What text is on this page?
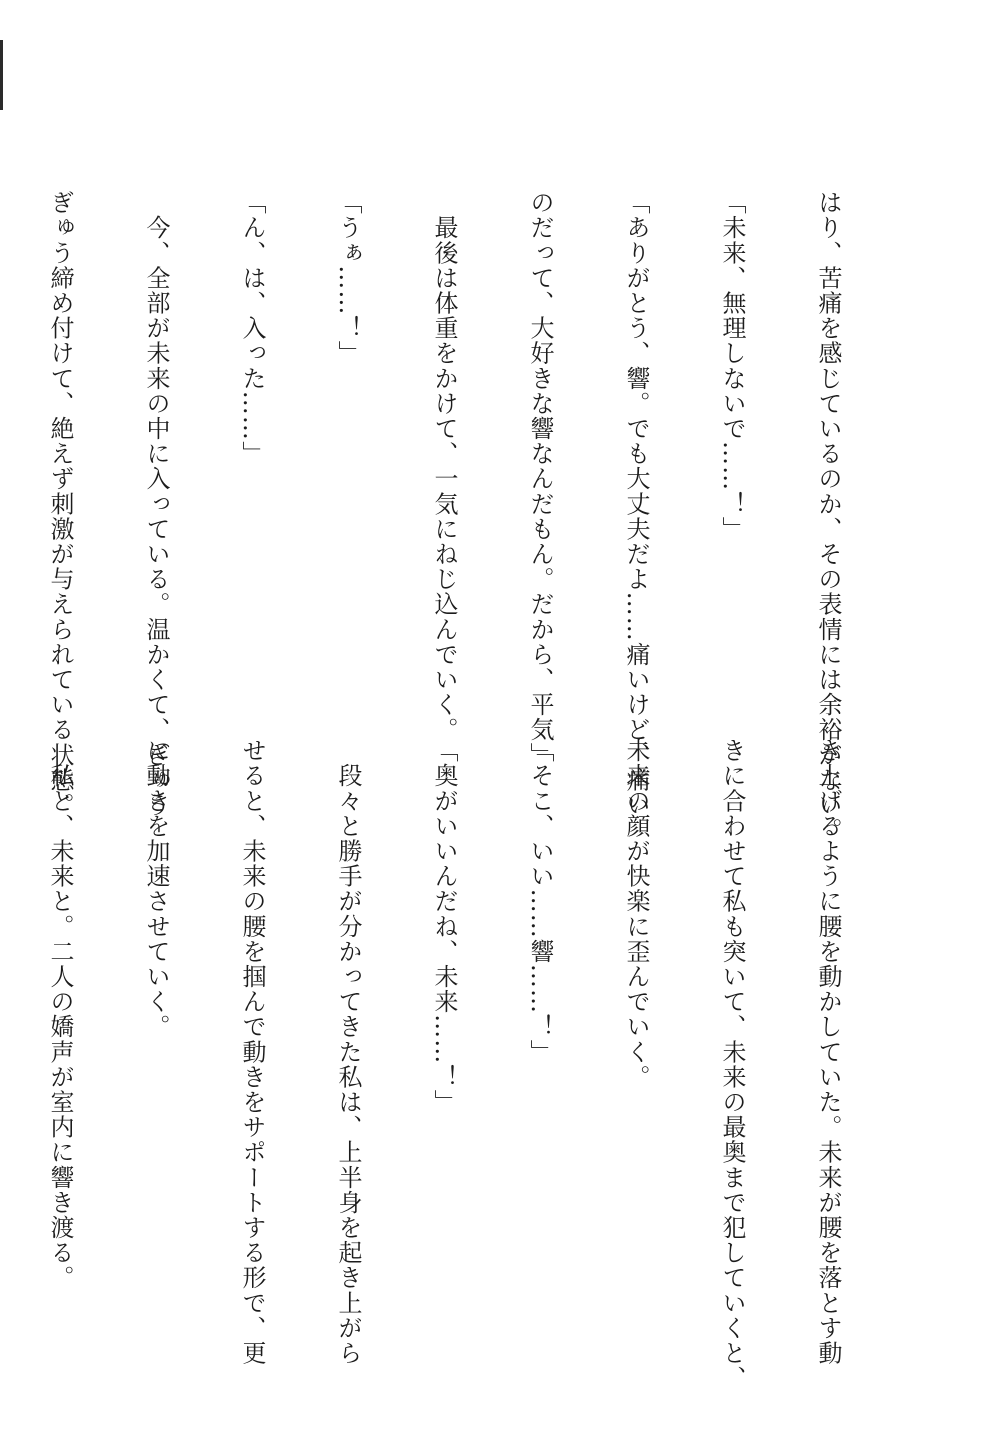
はり、苦痛を感じているのか、その表情には余裕がない。

「未来、無理しないで……！」

「ありがとう、響。でも大丈夫だよ……痛いけど、痛い

のだって、大好きな響なんだもん。だから、平気」

　最後は体重をかけて、一気にねじ込んでいく。

「うぁ……！」

「ん、は、入った……」

　今、全部が未来の中に入っている。温かくて、ぎゅう

ぎゅう締め付けて、絶えず刺激が与えられている状態。

き上げるように腰を動かしていた。未来が腰を落とす動

きに合わせて私も突いて、未来の最奥まで犯していくと、

未来の顔が快楽に歪んでいく。

「そこ、いい……響……！」

「奥がいいんだね、未来……！」

　段々と勝手が分かってきた私は、上半身を起き上がら

せると、未来の腰を掴んで動きをサポートする形で、更

に動きを加速させていく。

　私と、未来と。二人の嬌声が室内に響き渡る。
